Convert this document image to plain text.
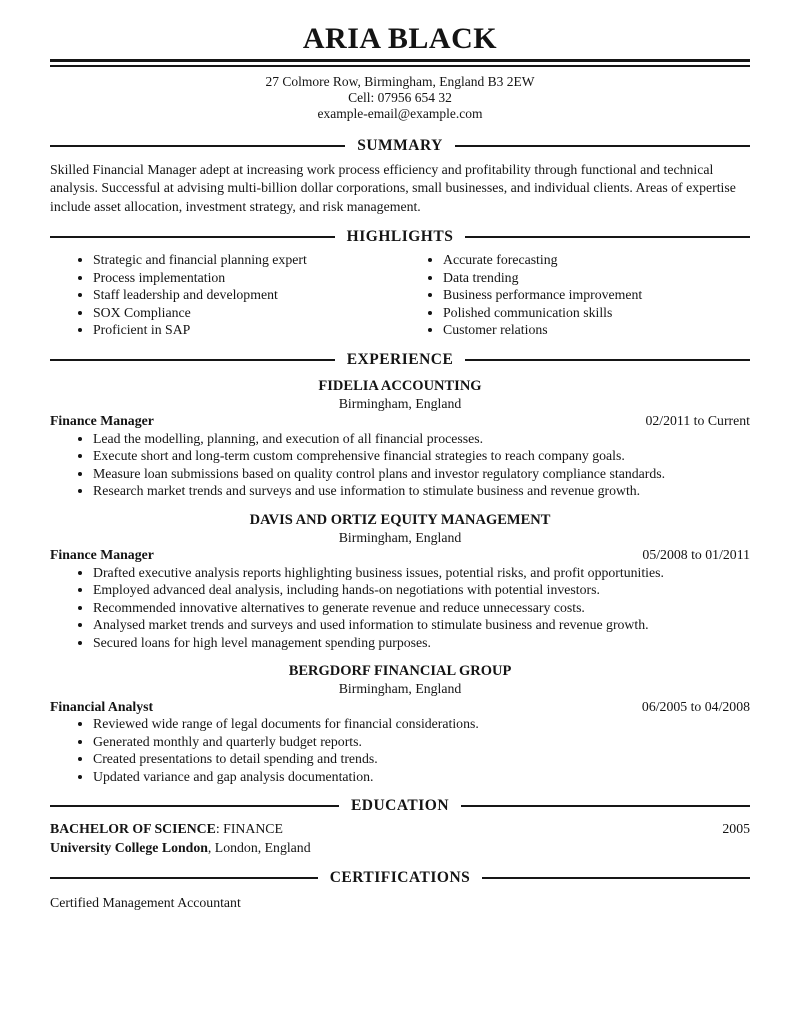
ARIA BLACK
27 Colmore Row, Birmingham, England B3 2EW
Cell: 07956 654 32
example-email@example.com
SUMMARY

Skilled Financial Manager adept at increasing work process efficiency and profitability through functional and technical analysis. Successful at advising multi-billion dollar corporations, small businesses, and individual clients. Areas of expertise include asset allocation, investment strategy, and risk management.

HIGHLIGHTS
• Strategic and financial planning expert
• Process implementation
• Staff leadership and development
• SOX Compliance
• Proficient in SAP
• Accurate forecasting
• Data trending
• Business performance improvement
• Polished communication skills
• Customer relations
EXPERIENCE
FIDELIA ACCOUNTING
Birmingham, England
Finance Manager	02/2011 to Current
• Lead the modelling, planning, and execution of all financial processes.
• Execute short and long-term custom comprehensive financial strategies to reach company goals.
• Measure loan submissions based on quality control plans and investor regulatory compliance standards.
• Research market trends and surveys and use information to stimulate business and revenue growth.
DAVIS AND ORTIZ EQUITY MANAGEMENT
Birmingham, England
Finance Manager	05/2008 to 01/2011
• Drafted executive analysis reports highlighting business issues, potential risks, and profit opportunities.
• Employed advanced deal analysis, including hands-on negotiations with potential investors.
• Recommended innovative alternatives to generate revenue and reduce unnecessary costs.
• Analysed market trends and surveys and used information to stimulate business and revenue growth.
• Secured loans for high level management spending purposes.
BERGDORF FINANCIAL GROUP
Birmingham, England
Financial Analyst	06/2005 to 04/2008
• Reviewed wide range of legal documents for financial considerations.
• Generated monthly and quarterly budget reports.
• Created presentations to detail spending and trends.
• Updated variance and gap analysis documentation.
EDUCATION
BACHELOR OF SCIENCE: FINANCE	2005
University College London, London, England
CERTIFICATIONS
Certified Management Accountant
